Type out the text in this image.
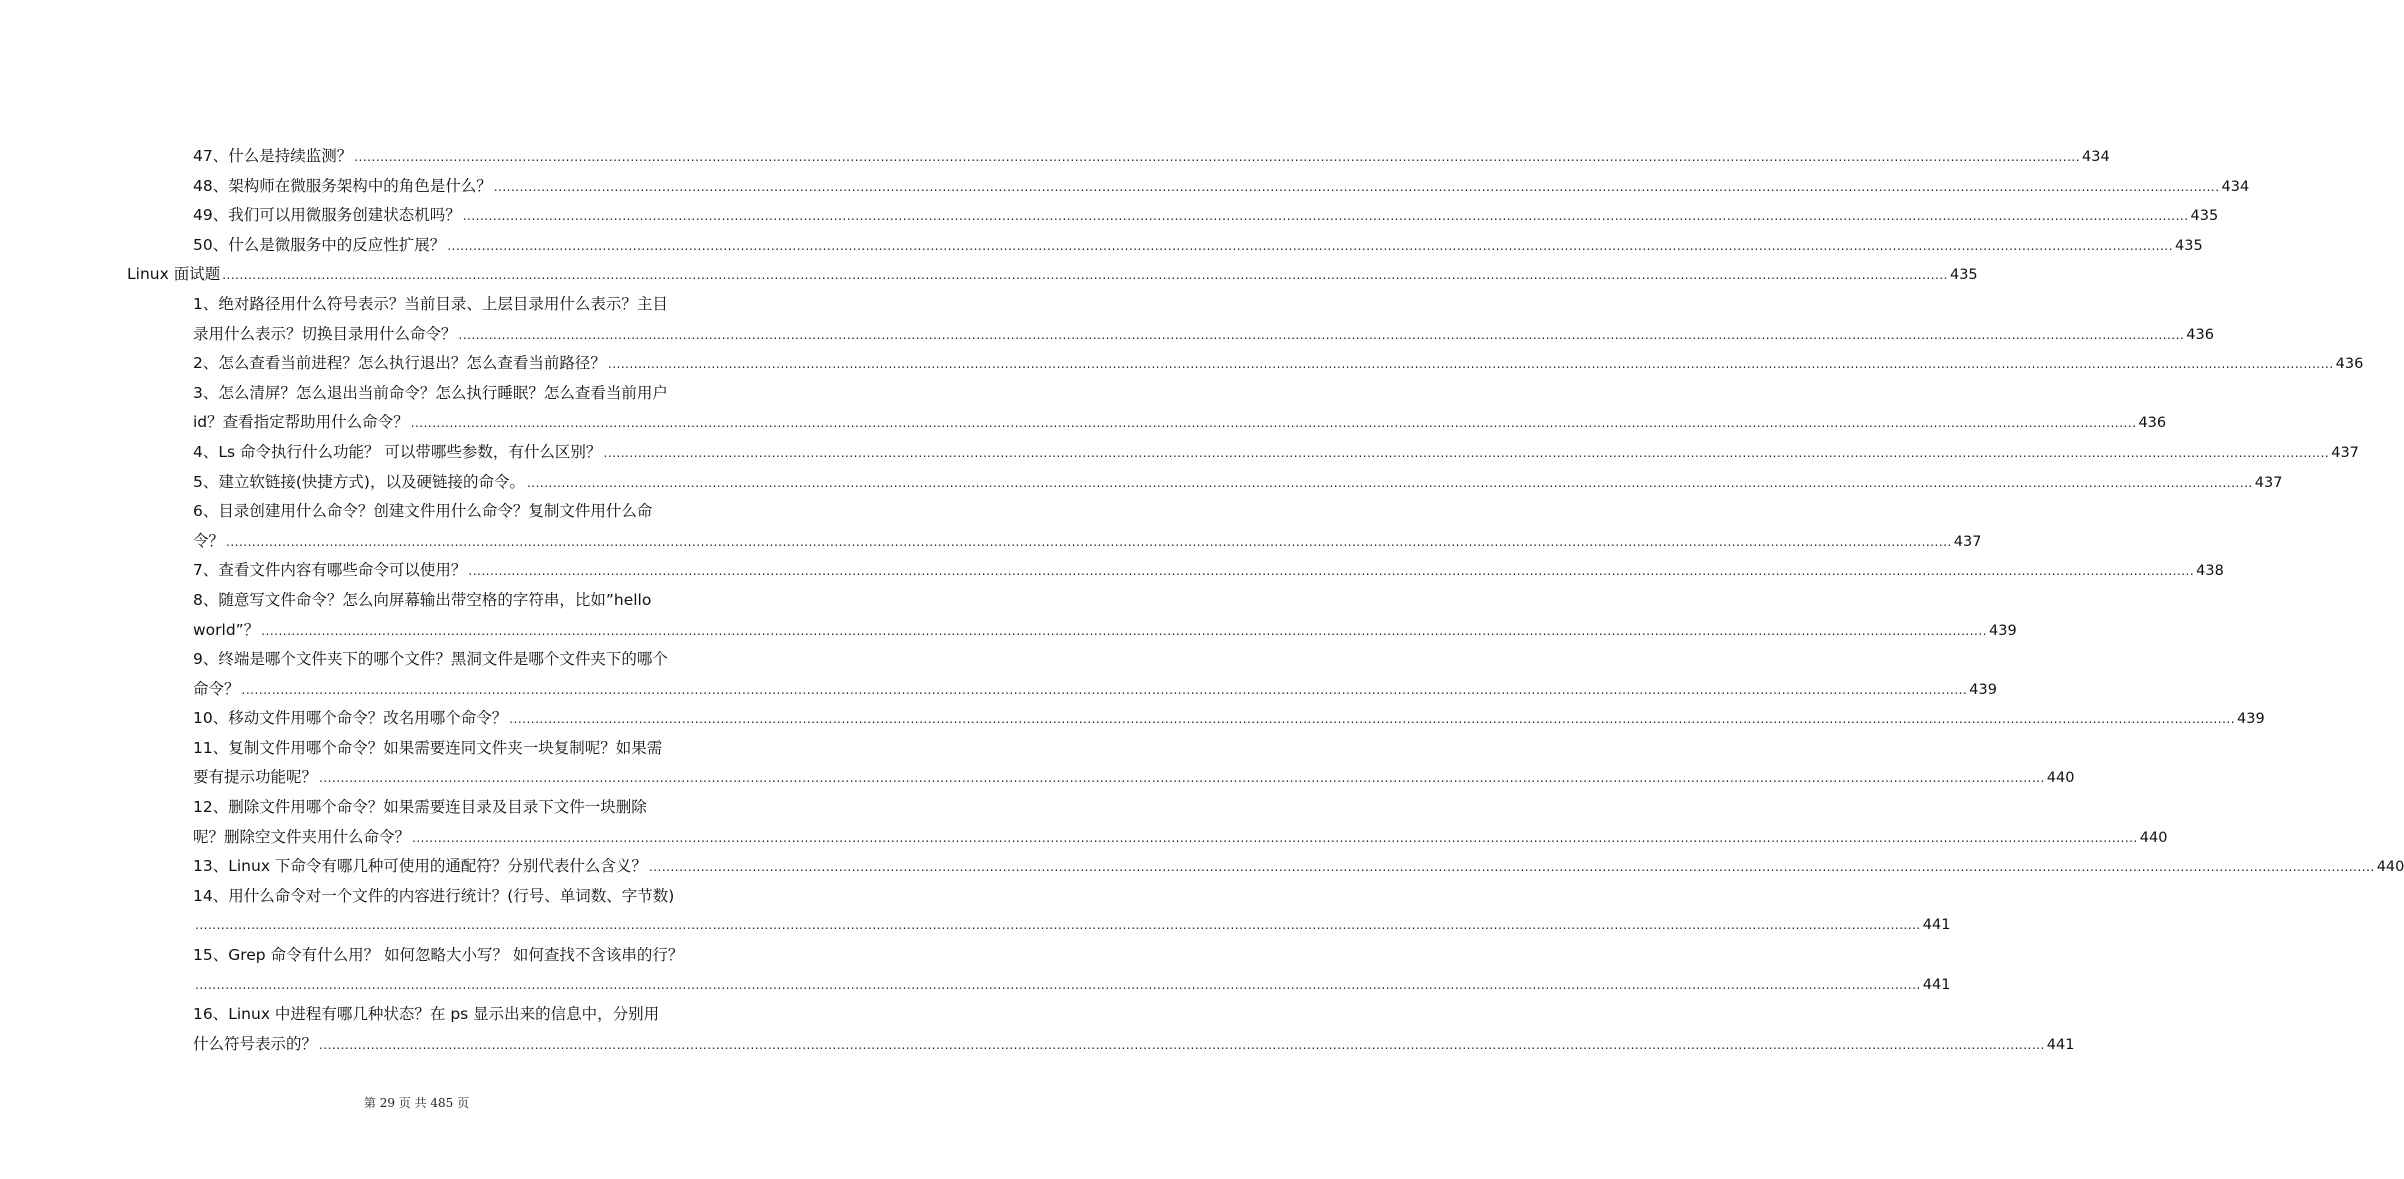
47、什么是持续监测？ ................................................................................................................................................................................................................................................................................................................................................................................................................ 434
48、架构师在微服务架构中的角色是什么？ ................................................................................................................................................................................................................................................................................................................................................................................................................ 434
49、我们可以用微服务创建状态机吗？ ................................................................................................................................................................................................................................................................................................................................................................................................................ 435
50、什么是微服务中的反应性扩展？ ................................................................................................................................................................................................................................................................................................................................................................................................................ 435
Linux 面试题 ................................................................................................................................................................................................................................................................................................................................................................................................................ 435
1、绝对路径用什么符号表示？当前目录、上层目录用什么表示？主目
录用什么表示？切换目录用什么命令？ ................................................................................................................................................................................................................................................................................................................................................................................................................ 436
2、怎么查看当前进程？怎么执行退出？怎么查看当前路径？ ................................................................................................................................................................................................................................................................................................................................................................................................................ 436
3、怎么清屏？怎么退出当前命令？怎么执行睡眠？怎么查看当前用户
id？查看指定帮助用什么命令？ ................................................................................................................................................................................................................................................................................................................................................................................................................ 436
4、Ls 命令执行什么功能？ 可以带哪些参数，有什么区别？ ................................................................................................................................................................................................................................................................................................................................................................................................................ 437
5、建立软链接(快捷方式)，以及硬链接的命令。 ................................................................................................................................................................................................................................................................................................................................................................................................................ 437
6、目录创建用什么命令？创建文件用什么命令？复制文件用什么命
令？ ................................................................................................................................................................................................................................................................................................................................................................................................................ 437
7、查看文件内容有哪些命令可以使用？ ................................................................................................................................................................................................................................................................................................................................................................................................................ 438
8、随意写文件命令？怎么向屏幕输出带空格的字符串，比如”hello
world”？ ................................................................................................................................................................................................................................................................................................................................................................................................................ 439
9、终端是哪个文件夹下的哪个文件？黑洞文件是哪个文件夹下的哪个
命令？ ................................................................................................................................................................................................................................................................................................................................................................................................................ 439
10、移动文件用哪个命令？改名用哪个命令？ ................................................................................................................................................................................................................................................................................................................................................................................................................ 439
11、复制文件用哪个命令？如果需要连同文件夹一块复制呢？如果需
要有提示功能呢？ ................................................................................................................................................................................................................................................................................................................................................................................................................ 440
12、删除文件用哪个命令？如果需要连目录及目录下文件一块删除
呢？删除空文件夹用什么命令？ ................................................................................................................................................................................................................................................................................................................................................................................................................ 440
13、Linux 下命令有哪几种可使用的通配符？分别代表什么含义？ ................................................................................................................................................................................................................................................................................................................................................................................................................ 440
14、用什么命令对一个文件的内容进行统计？(行号、单词数、字节数)
................................................................................................................................................................................................................................................................................................................................................................................................................ 441
15、Grep 命令有什么用？ 如何忽略大小写？ 如何查找不含该串的行？
................................................................................................................................................................................................................................................................................................................................................................................................................ 441
16、Linux 中进程有哪几种状态？在 ps 显示出来的信息中，分别用
什么符号表示的？ ................................................................................................................................................................................................................................................................................................................................................................................................................ 441
第 29 页 共 485 页
